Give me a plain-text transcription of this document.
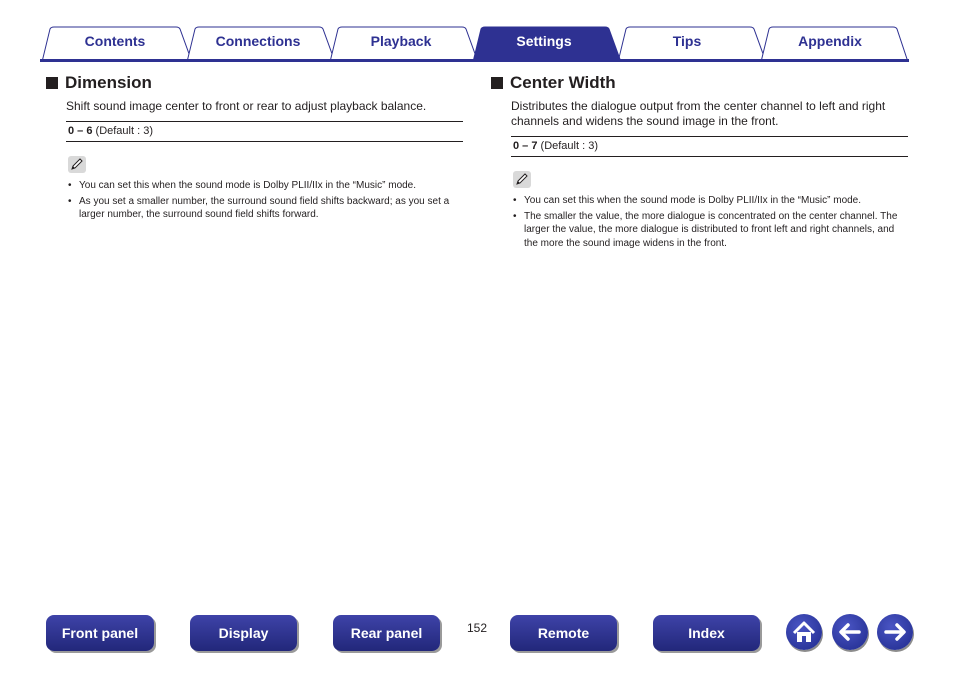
Contents	Connections	Playback	Settings	Tips	Appendix
Dimension
Shift sound image center to front or rear to adjust playback balance.
0 – 6 (Default : 3)
• You can set this when the sound mode is Dolby PLII/IIx in the “Music” mode.
• As you set a smaller number, the surround sound field shifts backward; as you set a larger number, the surround sound field shifts forward.
Center Width
Distributes the dialogue output from the center channel to left and right channels and widens the sound image in the front.
0 – 7 (Default : 3)
• You can set this when the sound mode is Dolby PLII/IIx in the “Music” mode.
• The smaller the value, the more dialogue is concentrated on the center channel. The larger the value, the more dialogue is distributed to front left and right channels, and the more the sound image widens in the front.
Front panel	Display	Rear panel	152	Remote	Index
